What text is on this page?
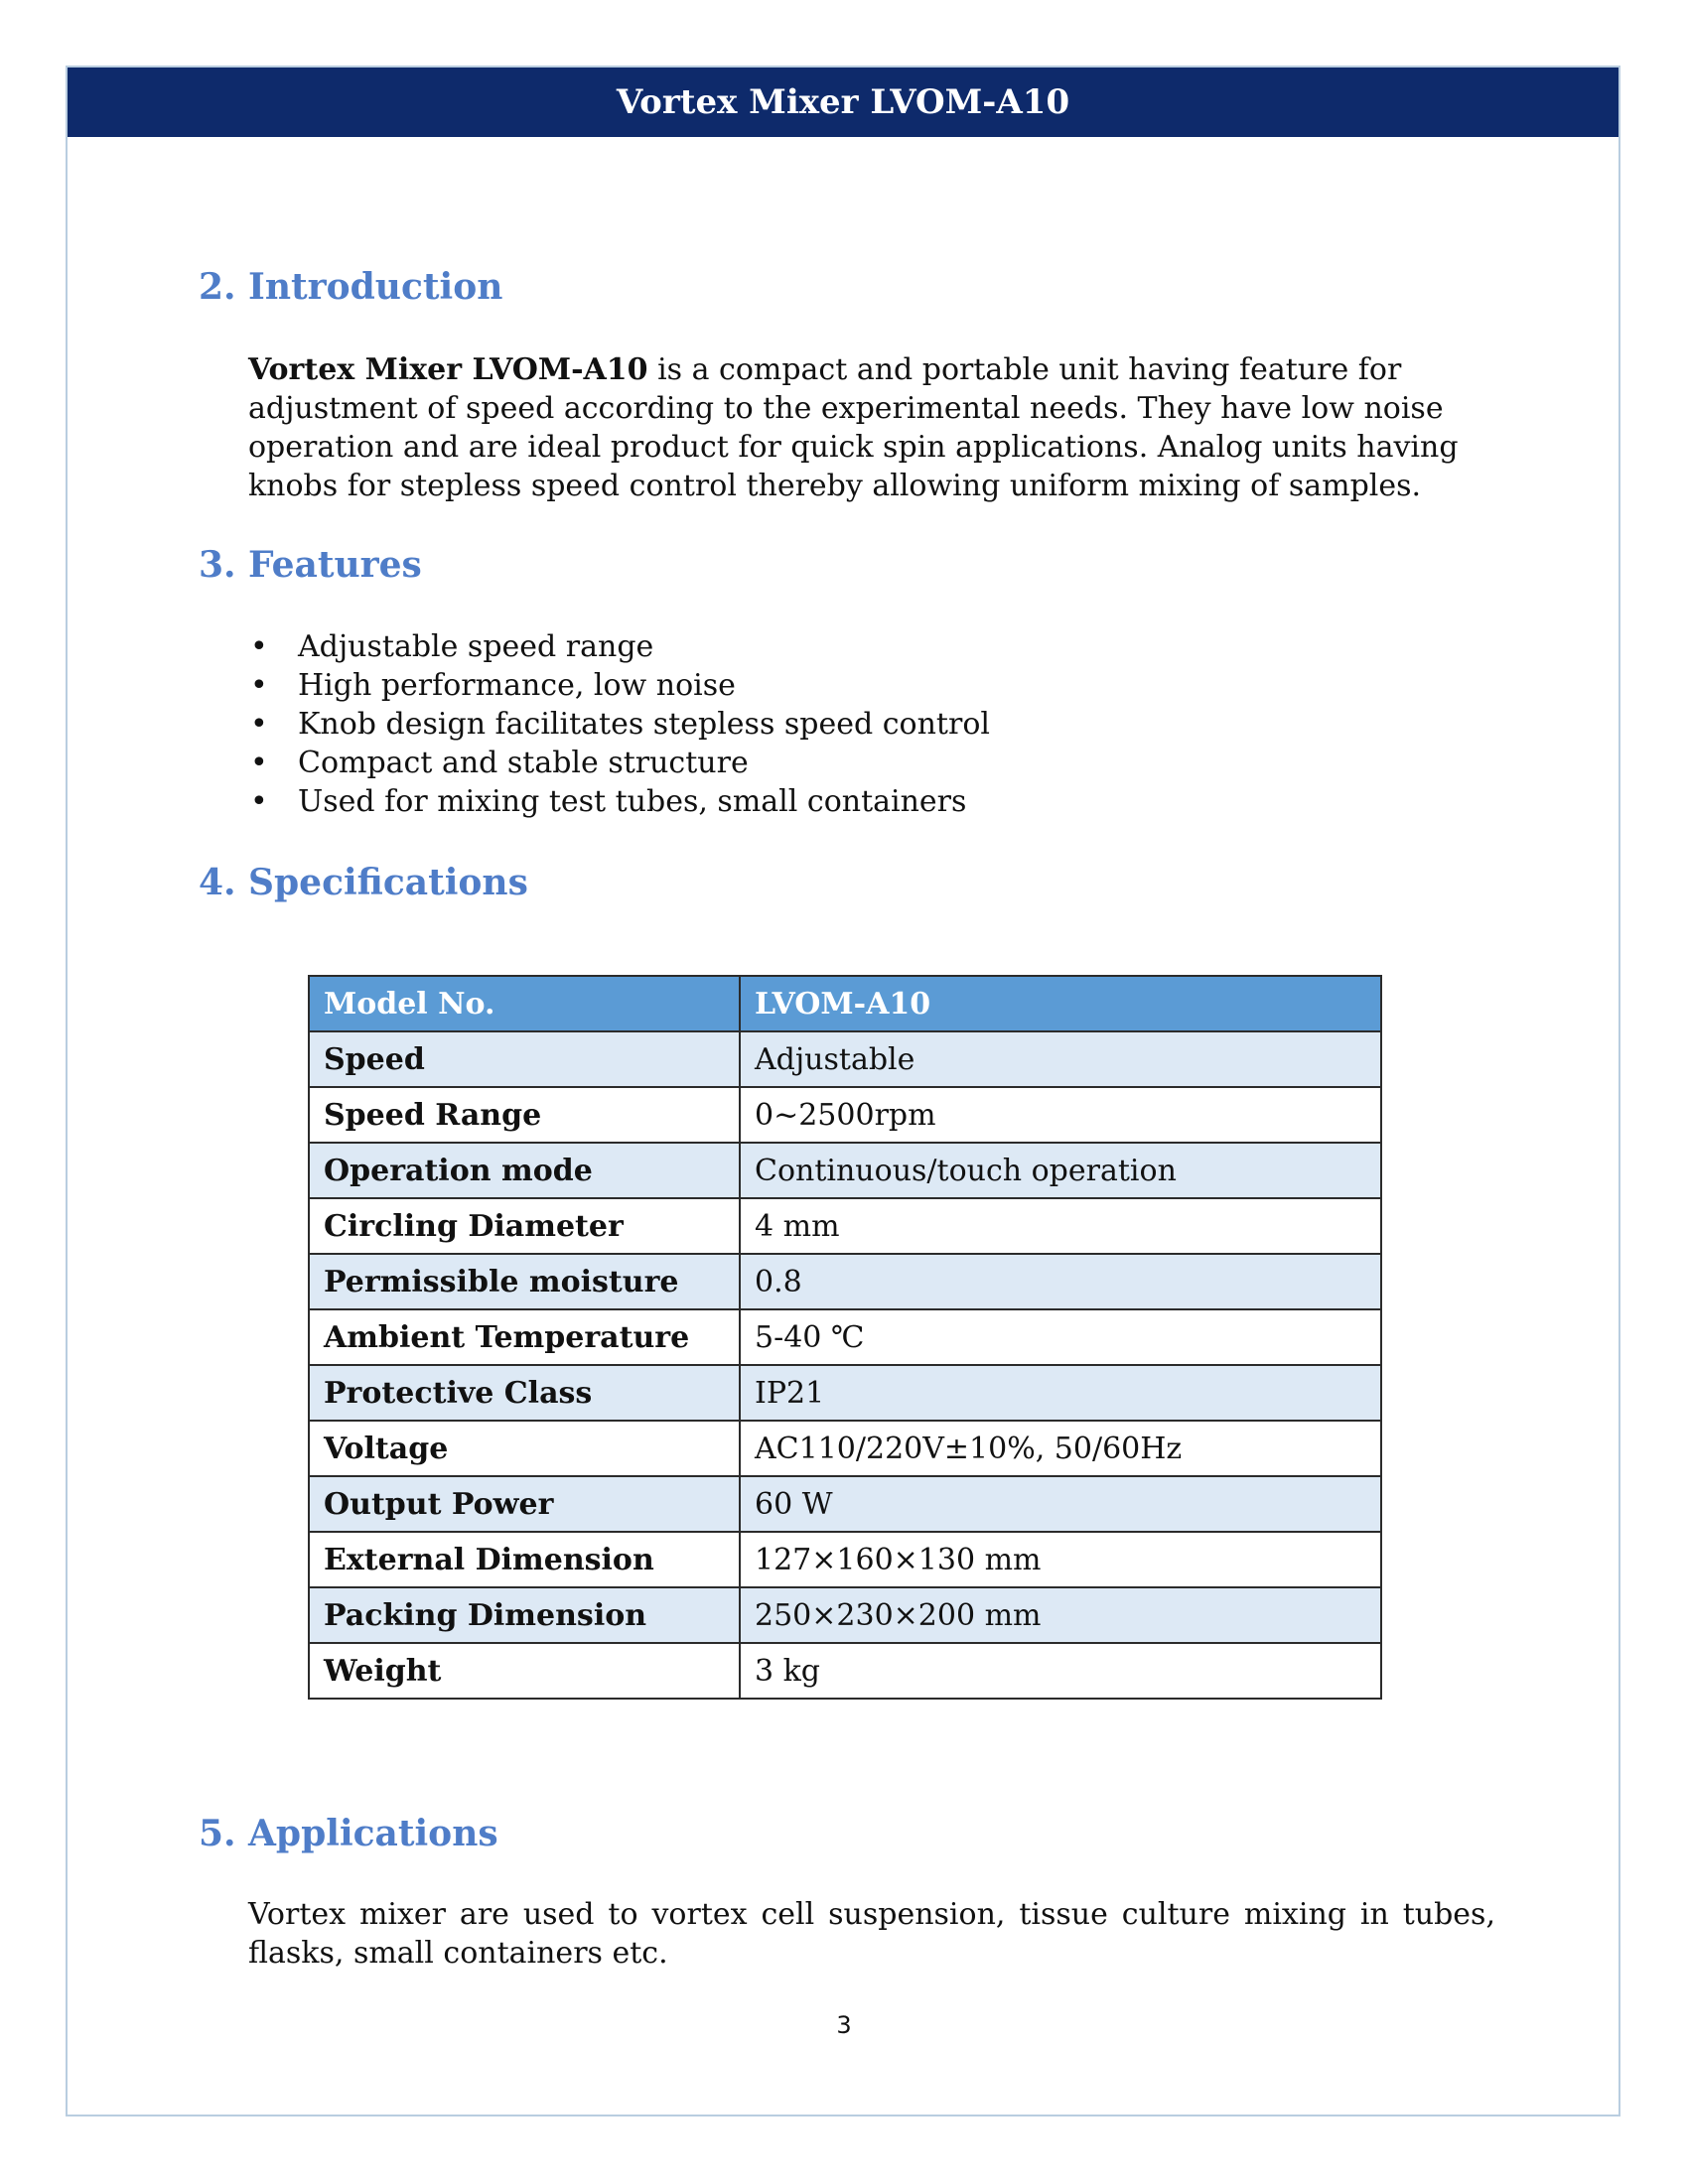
Vortex Mixer LVOM-A10
2. Introduction

Vortex Mixer LVOM-A10 is a compact and portable unit having feature for adjustment of speed according to the experimental needs. They have low noise operation and are ideal product for quick spin applications. Analog units having knobs for stepless speed control thereby allowing uniform mixing of samples.

3. Features
• Adjustable speed range
• High performance, low noise
• Knob design facilitates stepless speed control
• Compact and stable structure
• Used for mixing test tubes, small containers
4. Specifications
Model No.	LVOM-A10
Speed	Adjustable
Speed Range	0~2500rpm
Operation mode	Continuous/touch operation
Circling Diameter	4 mm
Permissible moisture	0.8
Ambient Temperature	5-40 ℃
Protective Class	IP21
Voltage	AC110/220V±10%, 50/60Hz
Output Power	60 W
External Dimension	127×160×130 mm
Packing Dimension	250×230×200 mm
Weight	3 kg
5. Applications

Vortex mixer are used to vortex cell suspension, tissue culture mixing in tubes, flasks, small containers etc.

3
